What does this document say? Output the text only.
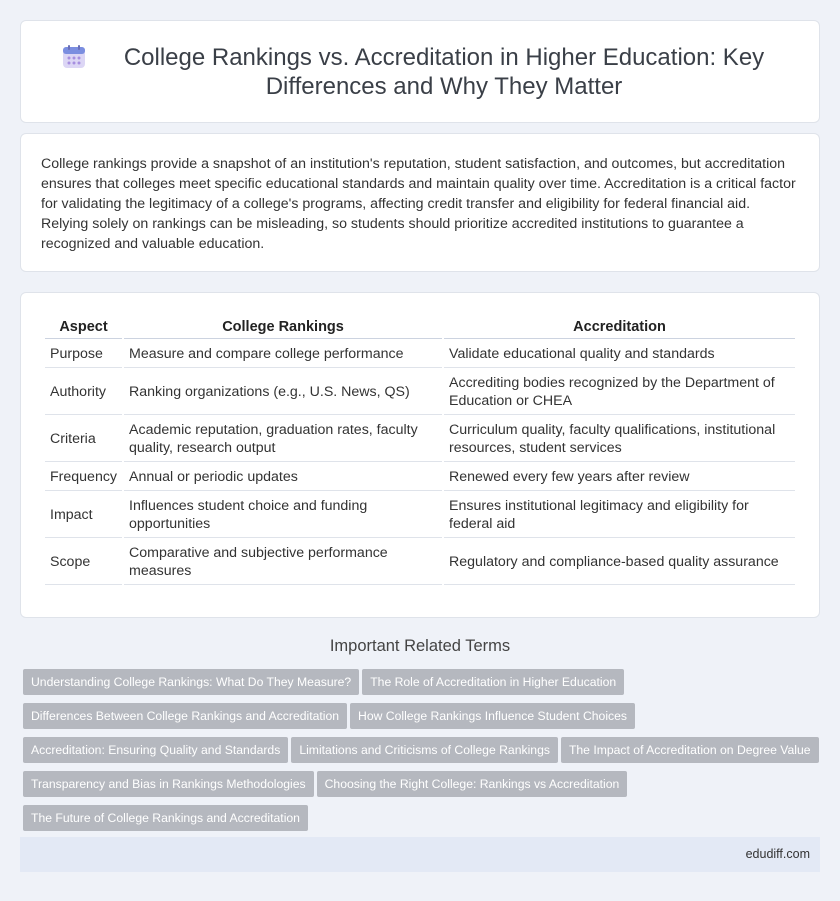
College Rankings vs. Accreditation in Higher Education: Key Differences and Why They Matter

College rankings provide a snapshot of an institution's reputation, student satisfaction, and outcomes, but accreditation ensures that colleges meet specific educational standards and maintain quality over time. Accreditation is a critical factor for validating the legitimacy of a college's programs, affecting credit transfer and eligibility for federal financial aid. Relying solely on rankings can be misleading, so students should prioritize accredited institutions to guarantee a recognized and valuable education.

Aspect	College Rankings	Accreditation
Purpose	Measure and compare college performance	Validate educational quality and standards
Authority	Ranking organizations (e.g., U.S. News, QS)	Accrediting bodies recognized by the Department of Education or CHEA
Criteria	Academic reputation, graduation rates, faculty quality, research output	Curriculum quality, faculty qualifications, institutional resources, student services
Frequency	Annual or periodic updates	Renewed every few years after review
Impact	Influences student choice and funding opportunities	Ensures institutional legitimacy and eligibility for federal aid
Scope	Comparative and subjective performance measures	Regulatory and compliance-based quality assurance
Important Related Terms
Understanding College Rankings: What Do They Measure? The Role of Accreditation in Higher Education
Differences Between College Rankings and Accreditation How College Rankings Influence Student Choices
Accreditation: Ensuring Quality and Standards Limitations and Criticisms of College Rankings The Impact of Accreditation on Degree Value
Transparency and Bias in Rankings Methodologies Choosing the Right College: Rankings vs Accreditation
The Future of College Rankings and Accreditation
edudiff.com
